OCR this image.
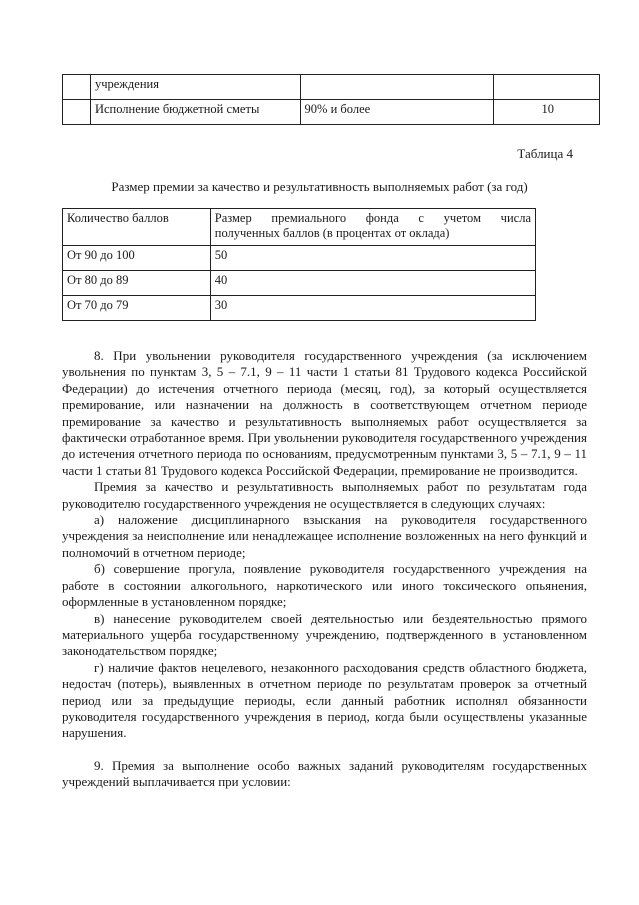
	учреждения		
	Исполнение бюджетной сметы	90% и более	10
Таблица 4
Размер премии за качество и результативность выполняемых работ (за год)
Количество баллов	Размер премиального фонда с учетом числа
полученных баллов (в процентах от оклада)
От 90 до 100	50
От 80 до 89	40
От 70 до 79	30

8. При увольнении руководителя государственного учреждения (за исключением увольнения по пунктам 3, 5 – 7.1, 9 – 11 части 1 статьи 81 Трудового кодекса Российской Федерации) до истечения отчетного периода (месяц, год), за который осуществляется премирование, или назначении на должность в соответствующем отчетном периоде премирование за качество и результативность выполняемых работ осуществляется за фактически отработанное время. При увольнении руководителя государственного учреждения до истечения отчетного периода по основаниям, предусмотренным пунктами 3, 5 – 7.1, 9 – 11 части 1 статьи 81 Трудового кодекса Российской Федерации, премирование не производится.

Премия за качество и результативность выполняемых работ по результатам года руководителю государственного учреждения не осуществляется в следующих случаях:

а) наложение дисциплинарного взыскания на руководителя государственного учреждения за неисполнение или ненадлежащее исполнение возложенных на него функций и полномочий в отчетном периоде;

б) совершение прогула, появление руководителя государственного учреждения на работе в состоянии алкогольного, наркотического или иного токсического опьянения, оформленные в установленном порядке;

в) нанесение руководителем своей деятельностью или бездеятельностью прямого материального ущерба государственному учреждению, подтвержденного в установленном законодательством порядке;

г) наличие фактов нецелевого, незаконного расходования средств областного бюджета, недостач (потерь), выявленных в отчетном периоде по результатам проверок за отчетный период или за предыдущие периоды, если данный работник исполнял обязанности руководителя государственного учреждения в период, когда были осуществлены указанные нарушения.

9. Премия за выполнение особо важных заданий руководителям государственных учреждений выплачивается при условии:
